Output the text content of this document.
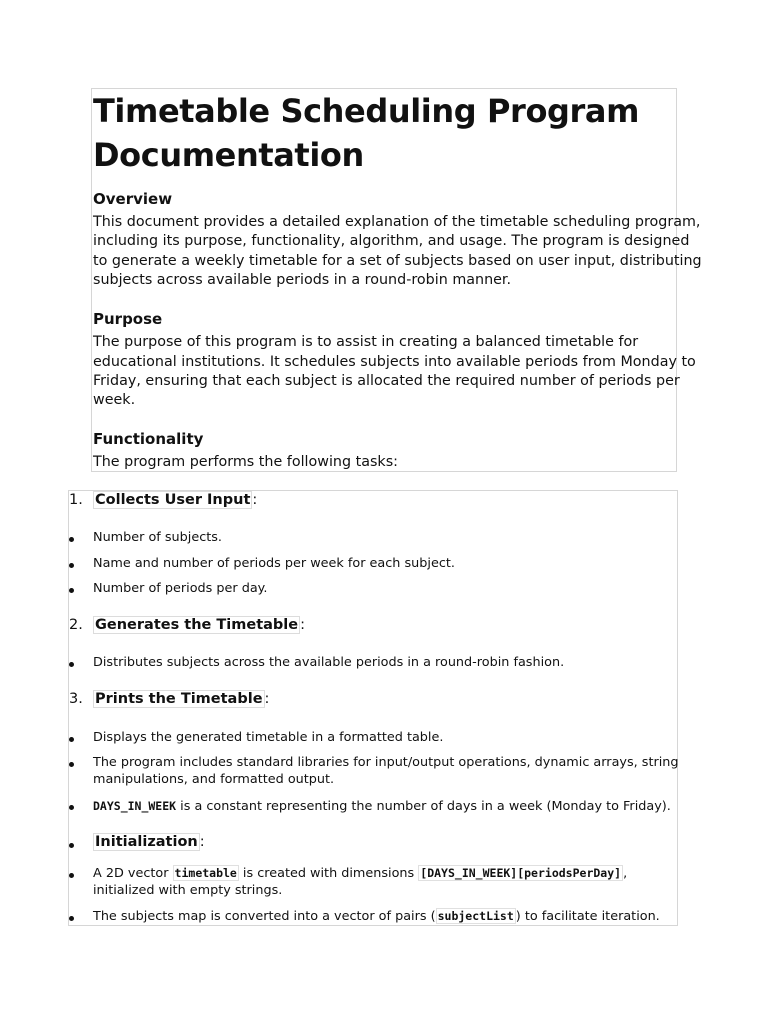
Timetable Scheduling Program
Documentation
Overview
This document provides a detailed explanation of the timetable scheduling program,
including its purpose, functionality, algorithm, and usage. The program is designed
to generate a weekly timetable for a set of subjects based on user input, distributing
subjects across available periods in a round-robin manner.
Purpose
The purpose of this program is to assist in creating a balanced timetable for
educational institutions. It schedules subjects into available periods from Monday to
Friday, ensuring that each subject is allocated the required number of periods per
week.
Functionality
The program performs the following tasks:
1. Collects User Input :
Number of subjects.
Name and number of periods per week for each subject.
Number of periods per day.
2. Generates the Timetable :
Distributes subjects across the available periods in a round-robin fashion.
3. Prints the Timetable :
Displays the generated timetable in a formatted table.
The program includes standard libraries for input/output operations, dynamic arrays, string
manipulations, and formatted output.
DAYS_IN_WEEK is a constant representing the number of days in a week (Monday to Friday).
Initialization :
A 2D vector timetable is created with dimensions [DAYS_IN_WEEK][periodsPerDay] ,
initialized with empty strings.
The subjects map is converted into a vector of pairs ( subjectList ) to facilitate iteration.
